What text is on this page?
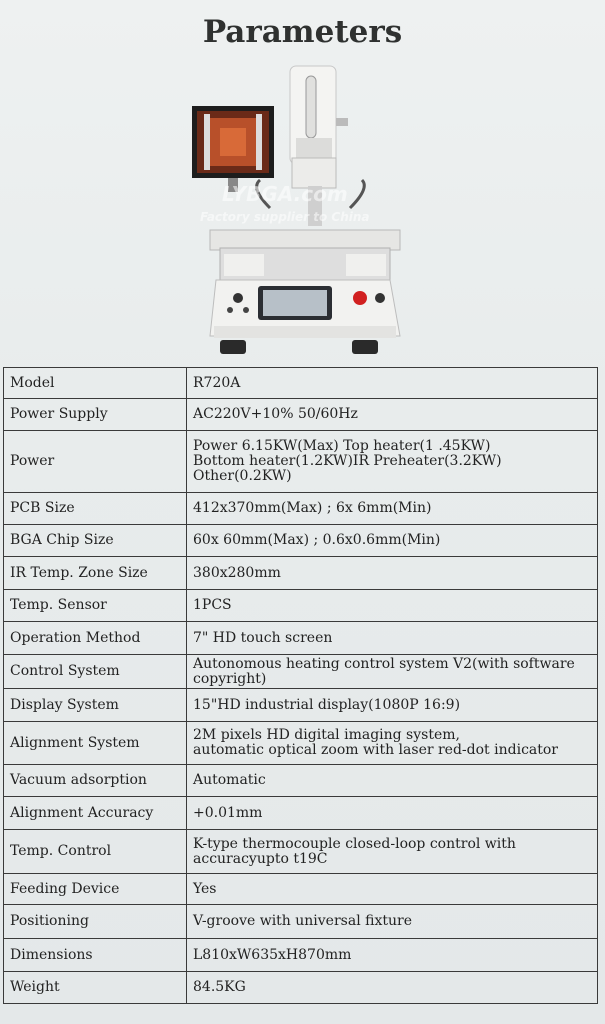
Parameters
LYBGA.com
Factory supplier to China
Model	R720A

Power Supply	AC220V+10% 50/60Hz

Power	Power 6.15KW(Max) Top heater(1 .45KW)
Bottom heater(1.2KW)IR Preheater(3.2KW)
Other(0.2KW)

PCB Size	412x370mm(Max) ; 6x 6mm(Min)

BGA Chip Size	60x 60mm(Max) ; 0.6x0.6mm(Min)

IR Temp. Zone Size	380x280mm

Temp. Sensor	1PCS

Operation Method	7" HD touch screen

Control System	Autonomous heating control system V2(with software
copyright)

Display System	15"HD industrial display(1080P 16:9)

Alignment System	2M pixels HD digital imaging system,
automatic optical zoom with laser red-dot indicator

Vacuum adsorption	Automatic

Alignment Accuracy	+0.01mm

Temp. Control	K-type thermocouple closed-loop control with
accuracyupto t19C

Feeding Device	Yes

Positioning	V-groove with universal fixture

Dimensions	L810xW635xH870mm

Weight	84.5KG
